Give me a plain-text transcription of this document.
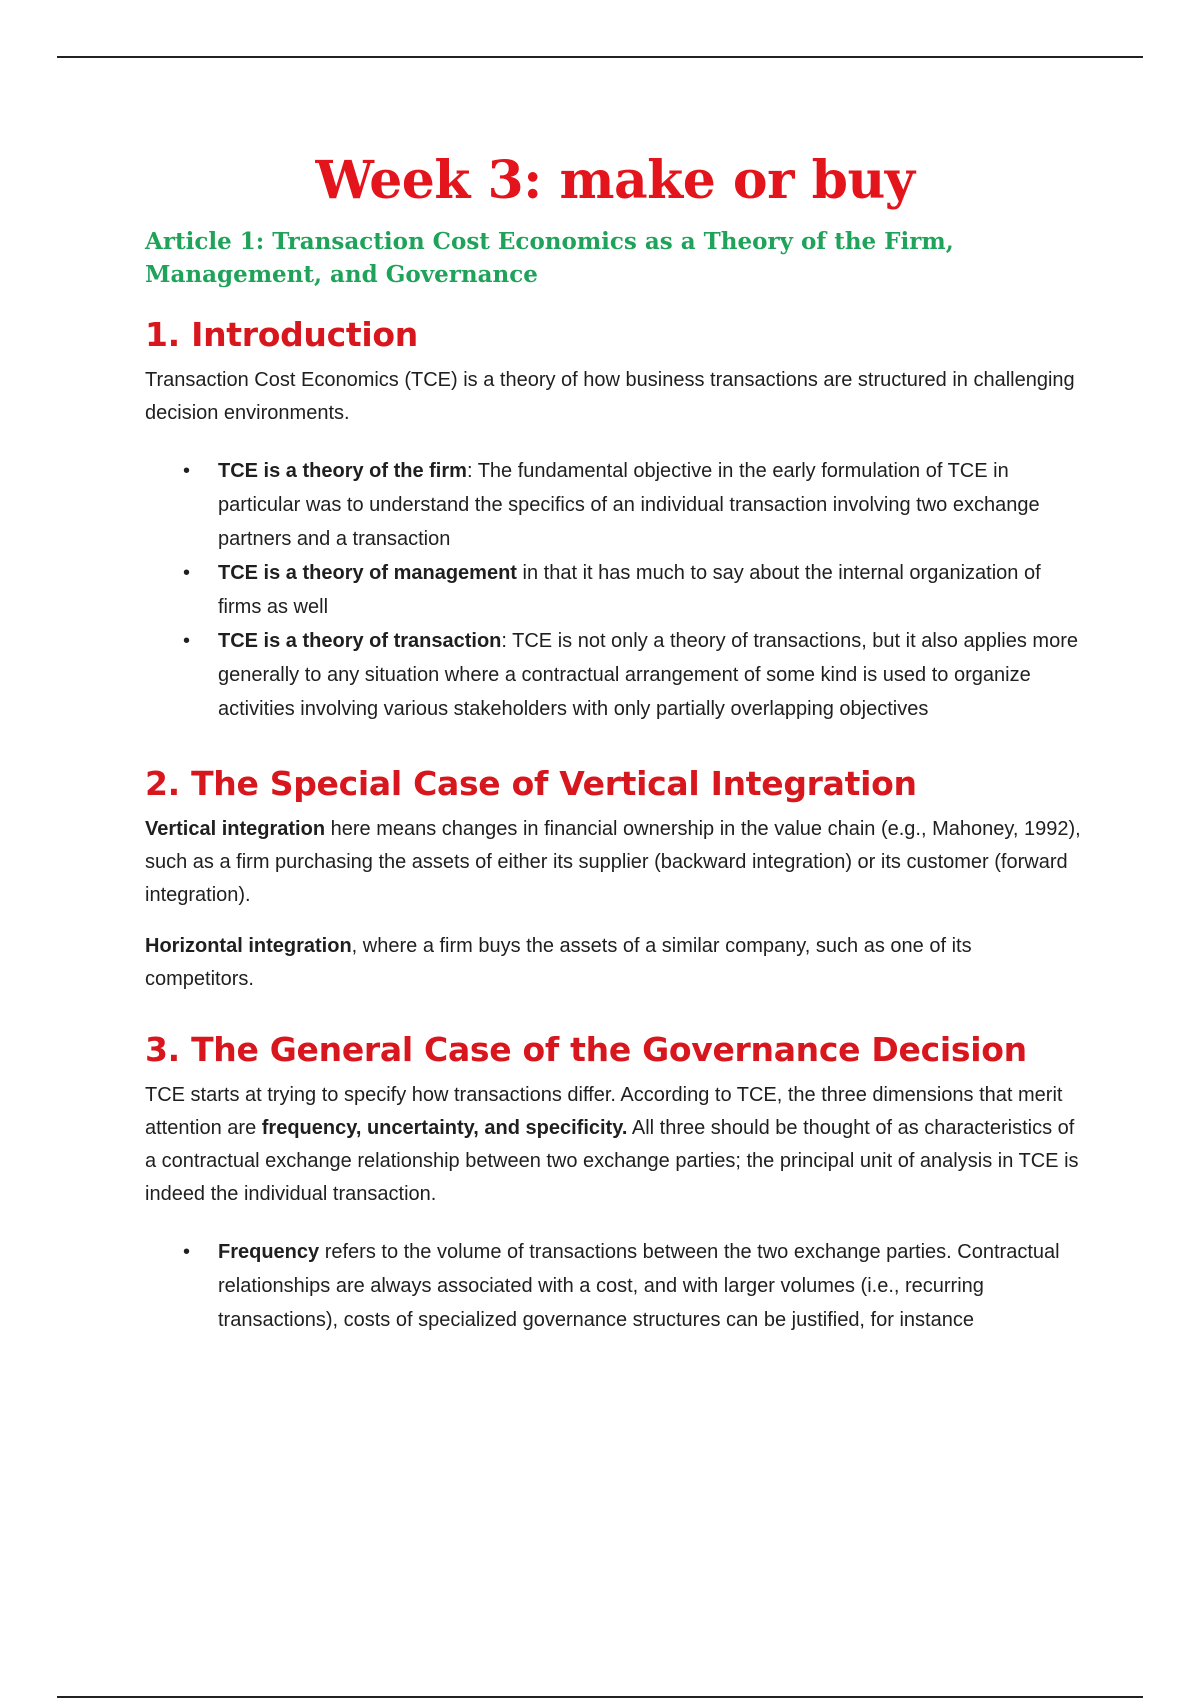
Week 3: make or buy
Article 1: Transaction Cost Economics as a Theory of the Firm, Management, and Governance
1. Introduction

Transaction Cost Economics (TCE) is a theory of how business transactions are structured in challenging decision environments.

• TCE is a theory of the firm: The fundamental objective in the early formulation of TCE in particular was to understand the specifics of an individual transaction involving two exchange partners and a transaction
• TCE is a theory of management in that it has much to say about the internal organization of firms as well
• TCE is a theory of transaction: TCE is not only a theory of transactions, but it also applies more generally to any situation where a contractual arrangement of some kind is used to organize activities involving various stakeholders with only partially overlapping objectives
2. The Special Case of Vertical Integration

Vertical integration here means changes in financial ownership in the value chain (e.g., Mahoney, 1992), such as a firm purchasing the assets of either its supplier (backward integration) or its customer (forward integration).

Horizontal integration, where a firm buys the assets of a similar company, such as one of its competitors.

3. The General Case of the Governance Decision

TCE starts at trying to specify how transactions differ. According to TCE, the three dimensions that merit attention are frequency, uncertainty, and specificity. All three should be thought of as characteristics of a contractual exchange relationship between two exchange parties; the principal unit of analysis in TCE is indeed the individual transaction.

• Frequency refers to the volume of transactions between the two exchange parties. Contractual relationships are always associated with a cost, and with larger volumes (i.e., recurring transactions), costs of specialized governance structures can be justified, for instance
